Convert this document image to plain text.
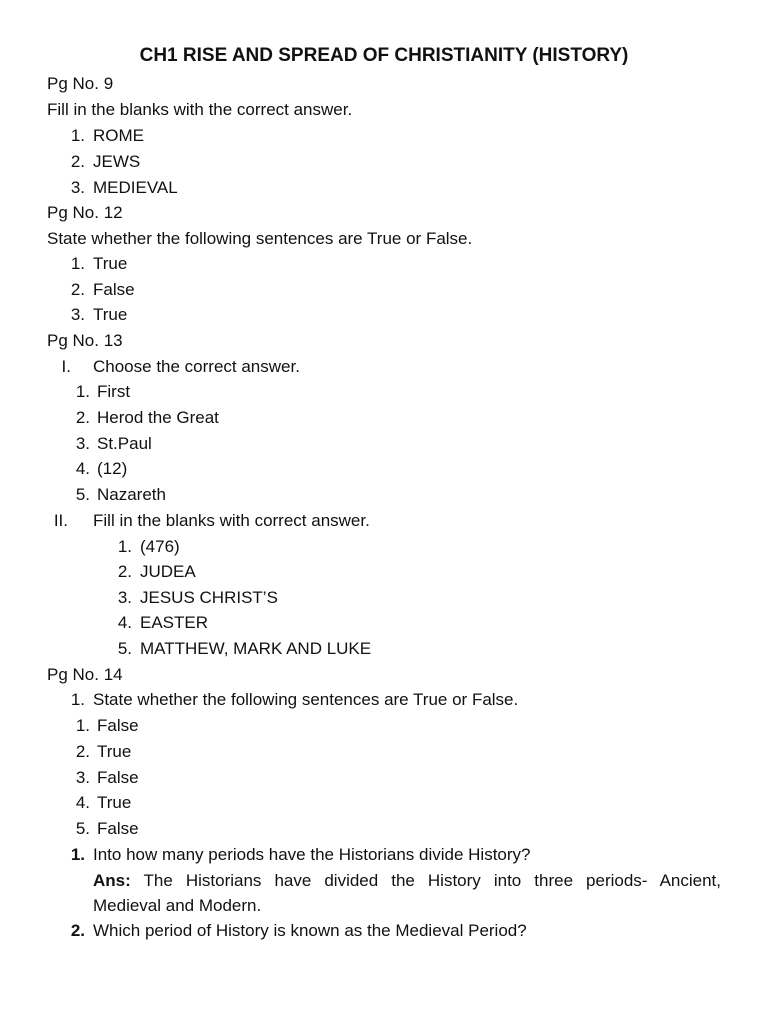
CH1 RISE AND SPREAD OF CHRISTIANITY (HISTORY)
Pg No. 9
Fill in the blanks with the correct answer.
1. ROME
2. JEWS
3. MEDIEVAL
Pg No. 12
State whether the following sentences are True or False.
1. True
2. False
3. True
Pg No. 13
I. Choose the correct answer.
1. First
2. Herod the Great
3. St.Paul
4. (12)
5. Nazareth
II. Fill in the blanks with correct answer.
1. (476)
2. JUDEA
3. JESUS CHRIST’S
4. EASTER
5. MATTHEW, MARK AND LUKE
Pg No. 14
1. State whether the following sentences are True or False.
1. False
2. True
3. False
4. True
5. False
1. Into how many periods have the Historians divide History?
Ans: The Historians have divided the History into three periods- Ancient,
Medieval and Modern.
2. Which period of History is known as the Medieval Period?
